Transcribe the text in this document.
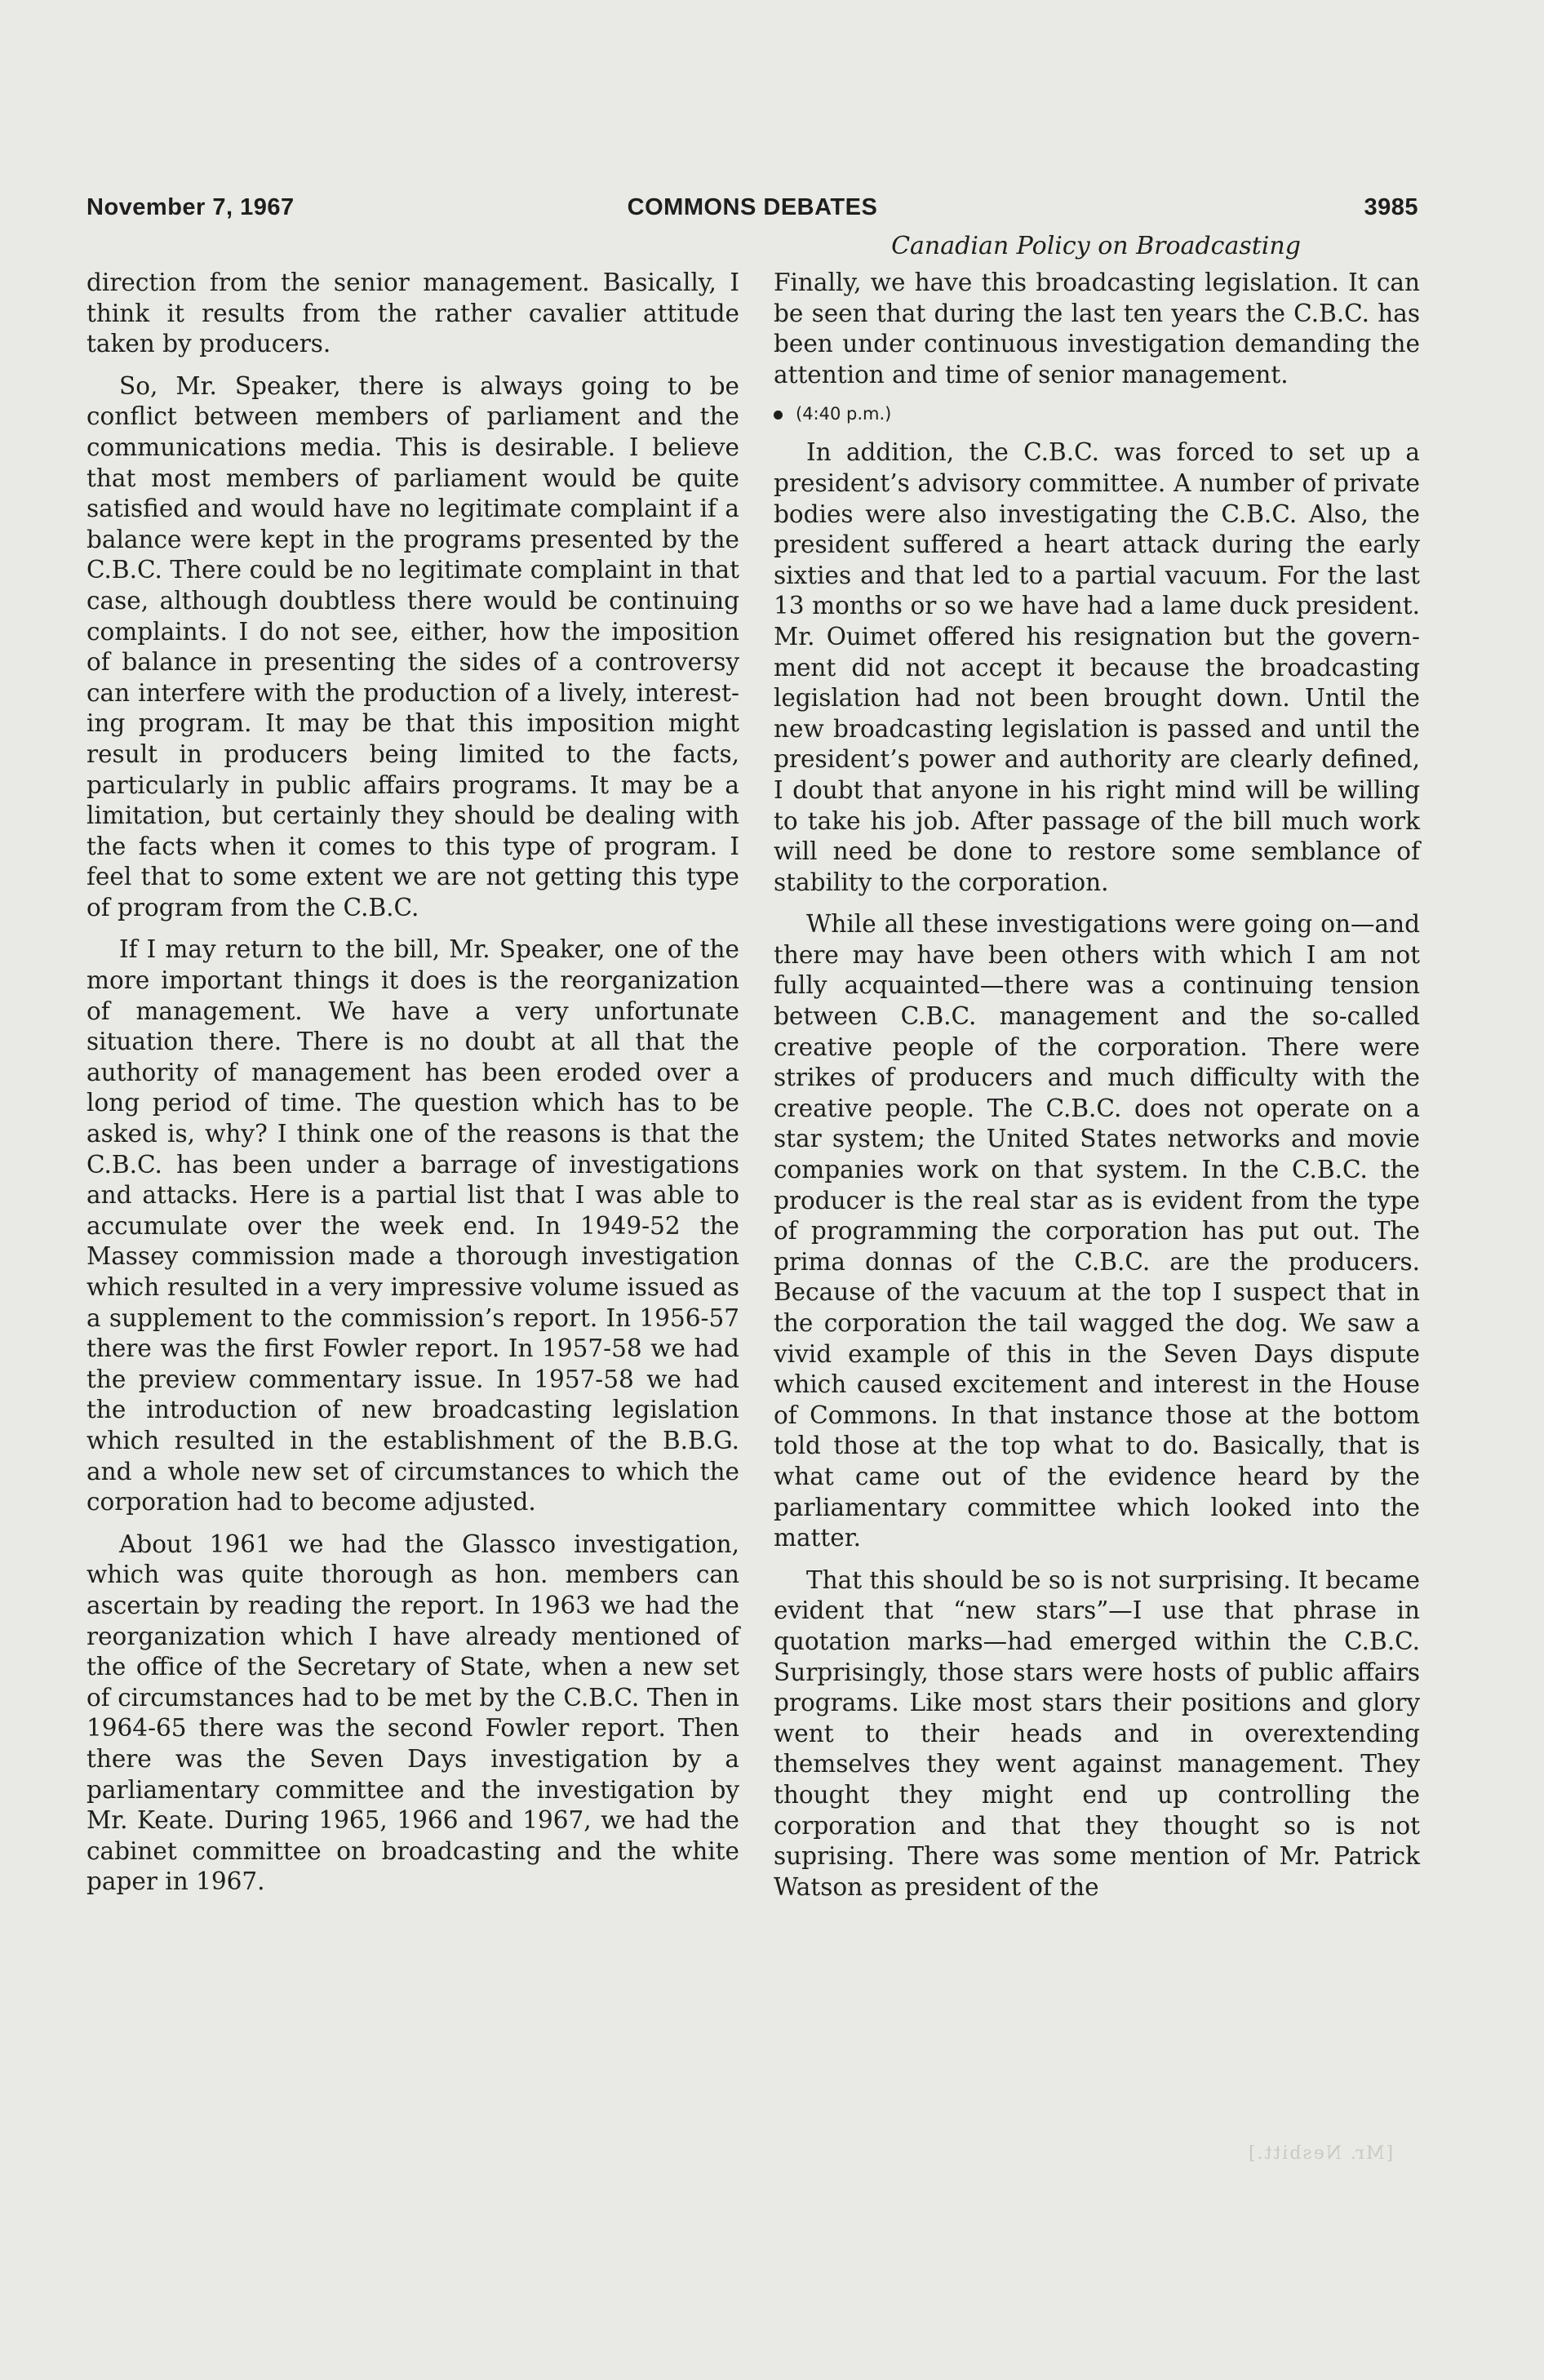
November 7, 1967	COMMONS DEBATES	3985
Canadian Policy on Broadcasting

direction from the senior management. Basically, I think it results from the rather cavalier attitude taken by producers.

So, Mr. Speaker, there is always going to be conflict between members of parliament and the communications media. This is desirable. I believe that most members of parliament would be quite satisfied and would have no legitimate complaint if a balance were kept in the programs presented by the C.B.C. There could be no legitimate complaint in that case, although doubtless there would be continuing complaints. I do not see, either, how the imposition of balance in presenting the sides of a controversy can interfere with the production of a lively, interesting program. It may be that this imposition might result in producers being limited to the facts, particularly in public affairs programs. It may be a limitation, but certainly they should be dealing with the facts when it comes to this type of program. I feel that to some extent we are not getting this type of program from the C.B.C.

If I may return to the bill, Mr. Speaker, one of the more important things it does is the reorganization of management. We have a very unfortunate situation there. There is no doubt at all that the authority of management has been eroded over a long period of time. The question which has to be asked is, why? I think one of the reasons is that the C.B.C. has been under a barrage of investigations and attacks. Here is a partial list that I was able to accumulate over the week end. In 1949-52 the Massey commission made a thorough investigation which resulted in a very impressive volume issued as a supplement to the commission’s report. In 1956-57 there was the first Fowler report. In 1957-58 we had the preview commentary issue. In 1957-58 we had the introduction of new broadcasting legislation which resulted in the establishment of the B.B.G. and a whole new set of circumstances to which the corporation had to become adjusted.

About 1961 we had the Glassco investigation, which was quite thorough as hon. members can ascertain by reading the report. In 1963 we had the reorganization which I have already mentioned of the office of the Secretary of State, when a new set of circumstances had to be met by the C.B.C. Then in 1964-65 there was the second Fowler report. Then there was the Seven Days investigation by a parliamentary committee and the investigation by Mr. Keate. During 1965, 1966 and 1967, we had the cabinet committee on broadcasting and the white paper in 1967.

Finally, we have this broadcasting legislation. It can be seen that during the last ten years the C.B.C. has been under continuous investigation demanding the attention and time of senior management.

(4:40 p.m.)

In addition, the C.B.C. was forced to set up a president’s advisory committee. A number of private bodies were also investigating the C.B.C. Also, the president suffered a heart attack during the early sixties and that led to a partial vacuum. For the last 13 months or so we have had a lame duck president. Mr. Ouimet offered his resignation but the government did not accept it because the broadcasting legislation had not been brought down. Until the new broadcasting legislation is passed and until the president’s power and authority are clearly defined, I doubt that anyone in his right mind will be willing to take his job. After passage of the bill much work will need be done to restore some semblance of stability to the corporation.

While all these investigations were going on—and there may have been others with which I am not fully acquainted—there was a continuing tension between C.B.C. management and the so-called creative people of the corporation. There were strikes of producers and much difficulty with the creative people. The C.B.C. does not operate on a star system; the United States networks and movie companies work on that system. In the C.B.C. the producer is the real star as is evident from the type of programming the corporation has put out. The prima donnas of the C.B.C. are the producers. Because of the vacuum at the top I suspect that in the corporation the tail wagged the dog. We saw a vivid example of this in the Seven Days dispute which caused excitement and interest in the House of Commons. In that instance those at the bottom told those at the top what to do. Basically, that is what came out of the evidence heard by the parliamentary committee which looked into the matter.

That this should be so is not surprising. It became evident that “new stars”—I use that phrase in quotation marks—had emerged within the C.B.C. Surprisingly, those stars were hosts of public affairs programs. Like most stars their positions and glory went to their heads and in overextending themselves they went against management. They thought they might end up controlling the corporation and that they thought so is not suprising. There was some mention of Mr. Patrick Watson as president of the

[Mr. Nesbitt.]
